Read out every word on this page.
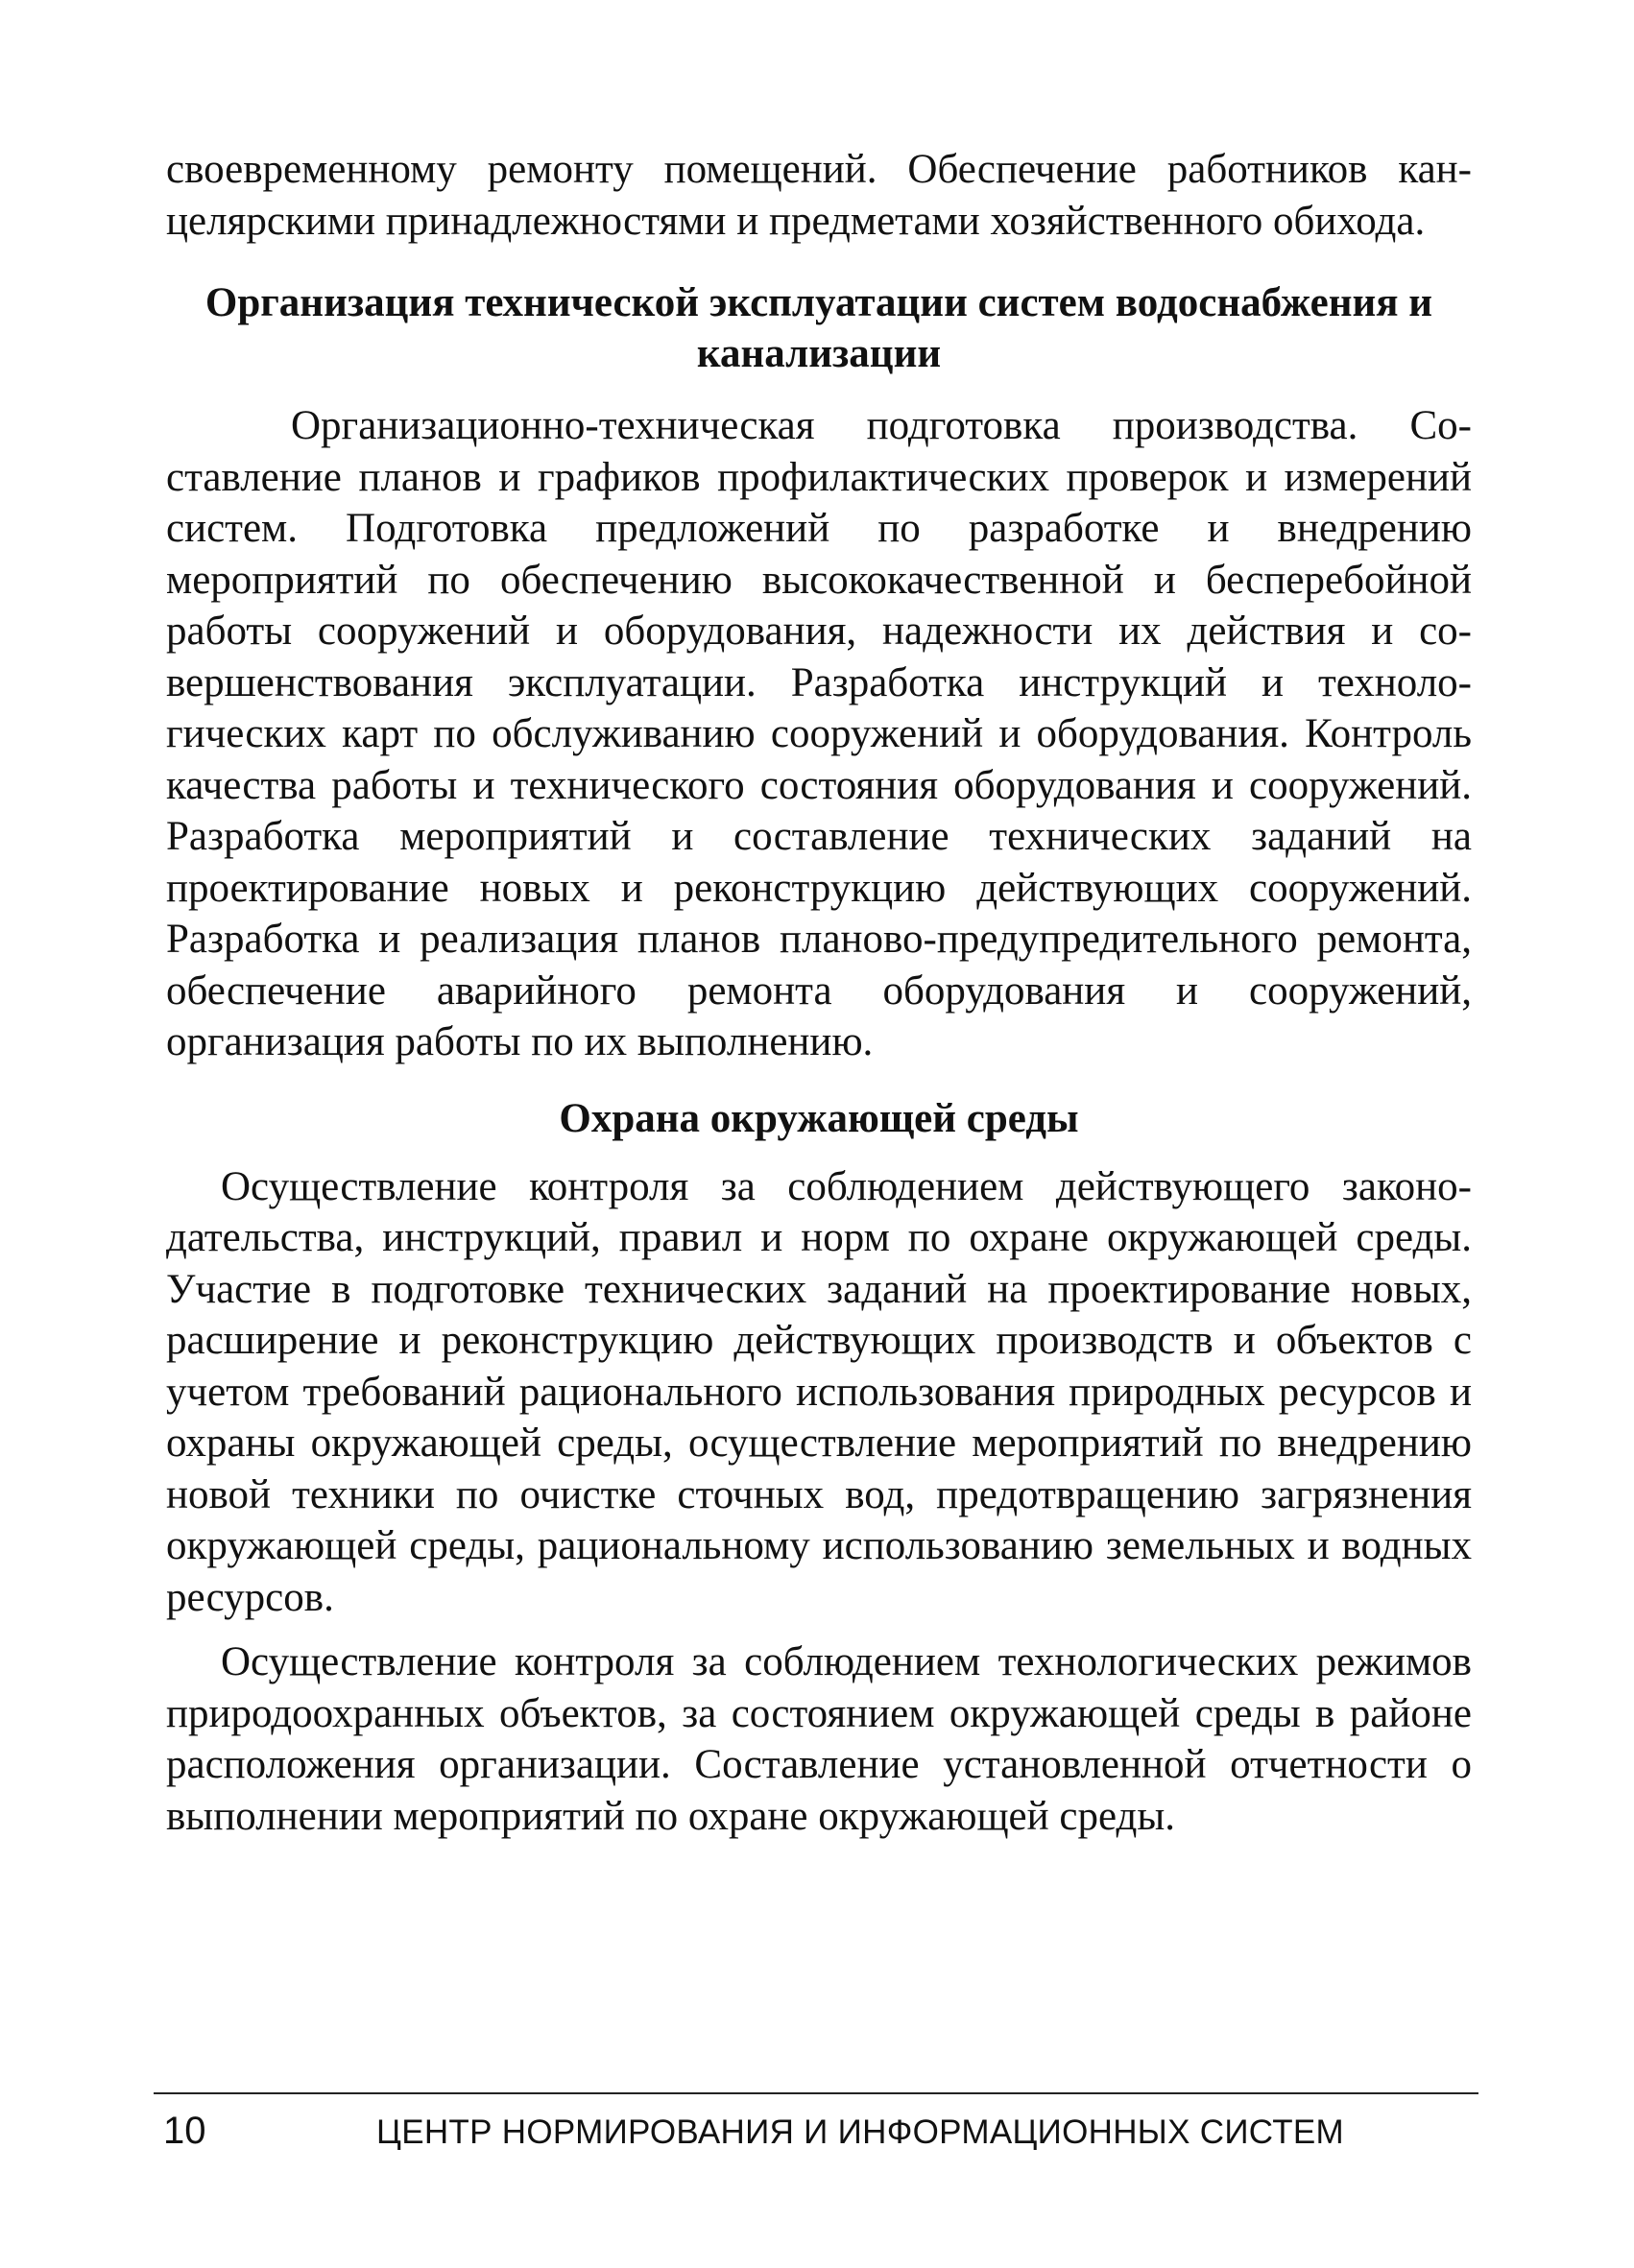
своевременному ремонту помещений. Обеспечение работников канцелярскими принадлежностями и предметами хозяйственного обихода.

Организация технической эксплуатации систем водоснабжения и канализации

Организационно-техническая подготовка производства. Составление планов и графиков профилактических проверок и измерений систем. Подготовка предложений по разработке и внедрению мероприятий по обеспечению высококачественной и бесперебойной работы сооружений и оборудования, надежности их действия и совершенствования эксплуатации. Разработка инструкций и технологических карт по обслуживанию сооружений и оборудования. Контроль качества работы и технического состояния оборудования и сооружений. Разработка мероприятий и составление технических заданий на проектирование новых и реконструкцию действующих сооружений. Разработка и реализация планов планово-предупредительного ремонта, обеспечение аварийного ремонта оборудования и сооружений, организация работы по их выполнению.

Охрана окружающей среды

Осуществление контроля за соблюдением действующего законодательства, инструкций, правил и норм по охране окружающей среды. Участие в подготовке технических заданий на проектирование новых, расширение и реконструкцию действующих производств и объектов с учетом требований рационального использования природных ресурсов и охраны окружающей среды, осуществление мероприятий по внедрению новой техники по очистке сточных вод, предотвращению загрязнения окружающей среды, рациональному использованию земельных и водных ресурсов.

Осуществление контроля за соблюдением технологических режимов природоохранных объектов, за состоянием окружающей среды в районе расположения организации. Составление установленной отчетности о выполнении мероприятий по охране окружающей среды.

10	ЦЕНТР НОРМИРОВАНИЯ И ИНФОРМАЦИОННЫХ СИСТЕМ
